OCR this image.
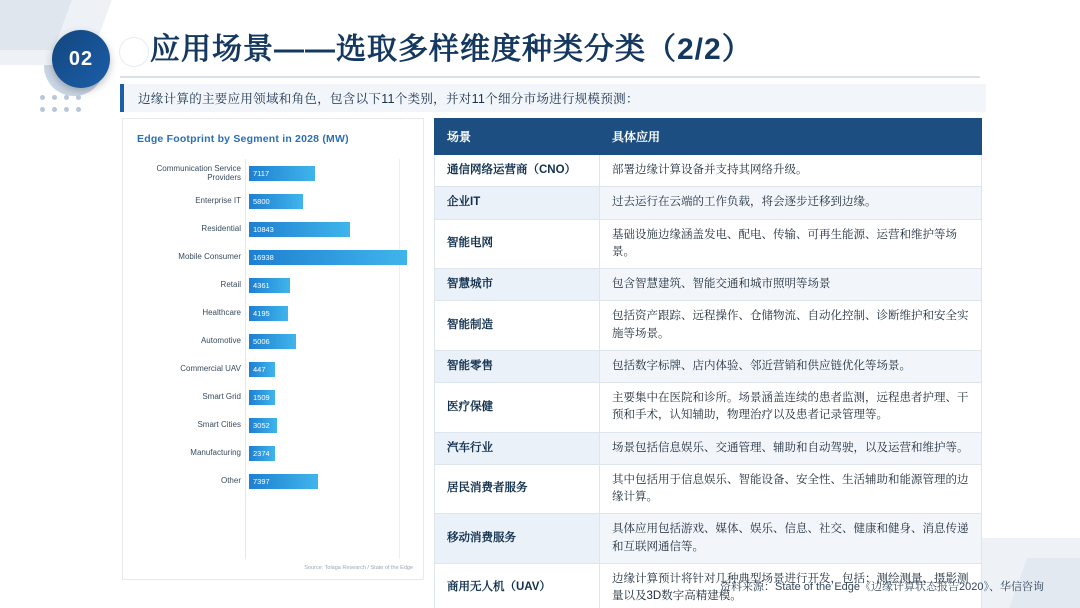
02	应用场景——选取多样维度种类分类（2/2）
边缘计算的主要应用领域和角色，包含以下11个类别，并对11个细分市场进行规模预测：
Edge Footprint by Segment in 2028 (MW)
Communication Service Providers	7117
Enterprise IT	5800
Residential	10843
Mobile Consumer	16938
Retail	4361
Healthcare	4195
Automotive	5006
Commercial UAV	447
Smart Grid	1509
Smart Cities	3052
Manufacturing	2374
Other	7397
Source: Tolaga Research / State of the Edge
场景	具体应用
通信网络运营商（CNO）	部署边缘计算设备并支持其网络升级。
企业IT	过去运行在云端的工作负载，将会逐步迁移到边缘。
智能电网	基础设施边缘涵盖发电、配电、传输、可再生能源、运营和维护等场景。
智慧城市	包含智慧建筑、智能交通和城市照明等场景
智能制造	包括资产跟踪、远程操作、仓储物流、自动化控制、诊断维护和安全实施等场景。
智能零售	包括数字标牌、店内体验、邻近营销和供应链优化等场景。
医疗保健	主要集中在医院和诊所。场景涵盖连续的患者监测，远程患者护理、干预和手术，认知辅助，物理治疗以及患者记录管理等。
汽车行业	场景包括信息娱乐、交通管理、辅助和自动驾驶，以及运营和维护等。
居民消费者服务	其中包括用于信息娱乐、智能设备、安全性、生活辅助和能源管理的边缘计算。
移动消费服务	具体应用包括游戏、媒体、娱乐、信息、社交、健康和健身、消息传递和互联网通信等。
商用无人机（UAV）	边缘计算预计将针对几种典型场景进行开发，包括：测绘测量、摄影测量以及3D数字高精建模。
资料来源：State of the Edge《边缘计算状态报告2020》、华信咨询
